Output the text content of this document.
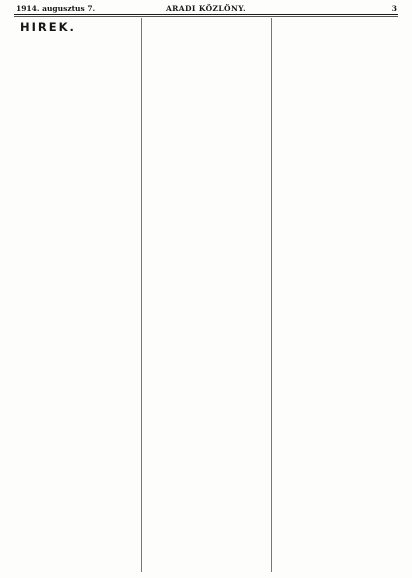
1914. augusztus 7.	ARADI KÖZLÖNY.	3
HIREK.
